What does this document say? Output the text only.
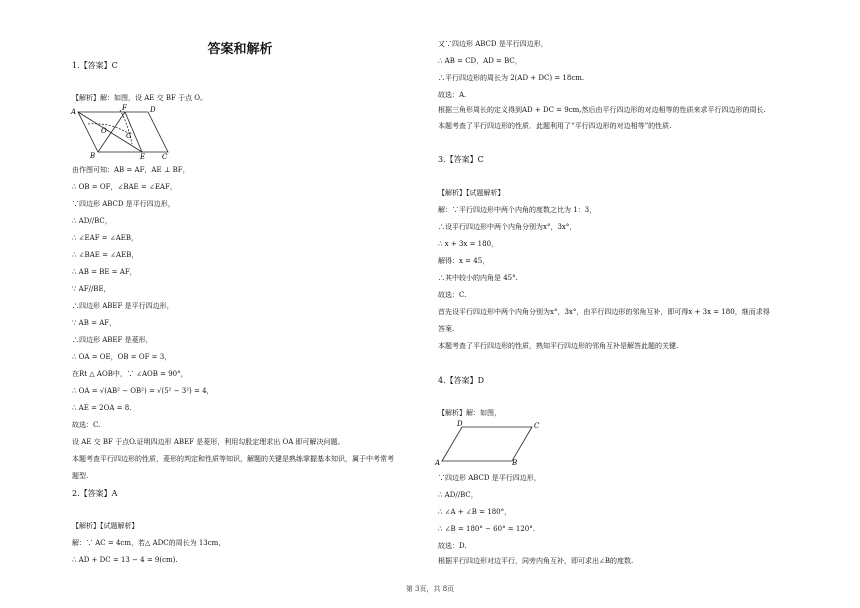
答案和解析
1.【答案】C
【解析】解：如图，设 AE 交 BF 于点 O。
由作图可知：AB = AF，AE ⊥ BF，
∴ OB = OF，∠BAE = ∠EAF，
∵四边形 ABCD 是平行四边形，
∴ AD//BC，
∴ ∠EAF = ∠AEB，
∴ ∠BAE = ∠AEB，
∴ AB = BE = AF，
∵ AF//BE，
∴四边形 ABEF 是平行四边形，
∵ AB = AF，
∴四边形 ABEF 是菱形，
∴ OA = OE，OB = OF = 3，
在Rt △ AOB中，∵ ∠AOB = 90°，
∴ OA = √(AB² − OB²) = √(5² − 3²) = 4，
∴ AE = 2OA = 8.
故选：C.
设 AE 交 BF 于点O.证明四边形 ABEF 是菱形，利用勾股定理求出 OA 即可解决问题。
本题考查平行四边形的性质，菱形的判定和性质等知识，解题的关键是熟练掌握基本知识，属于中考常考
题型.
2.【答案】A
【解析】【试题解析】
解：∵ AC = 4cm，若△ ADC的周长为 13cm，
∴ AD + DC = 13 − 4 = 9(cm).
又∵四边形 ABCD 是平行四边形，
∴ AB = CD，AD = BC，
∴平行四边形的周长为 2(AD + DC) = 18cm.
故选：A.
根据三角形周长的定义得到AD + DC = 9cm,然后由平行四边形的对边相等的性质来求平行四边形的周长.
本题考查了平行四边形的性质．此题利用了“平行四边形的对边相等”的性质.
3.【答案】C
【解析】【试题解析】
解：∵平行四边形中两个内角的度数之比为 1：3，
∴设平行四边形中两个内角分别为x°，3x°，
∴ x + 3x = 180，
解得：x = 45，
∴其中较小的内角是 45°.
故选：C.
首先设平行四边形中两个内角分别为x°，3x°，由平行四边形的邻角互补，即可得x + 3x = 180，继而求得
答案.
本题考查了平行四边形的性质，熟知平行四边形的邻角互补是解答此题的关键.
4.【答案】D
【解析】解：如图，
∵四边形 ABCD 是平行四边形，
∴ AD//BC，
∴ ∠A + ∠B = 180°，
∴ ∠B = 180° − 60° = 120°.
故选：D.
根据平行四边形对边平行，同旁内角互补，即可求出∠B的度数.
A	F	D
O
G
B	E C
D	C
A	B
第 3页，共 8页
